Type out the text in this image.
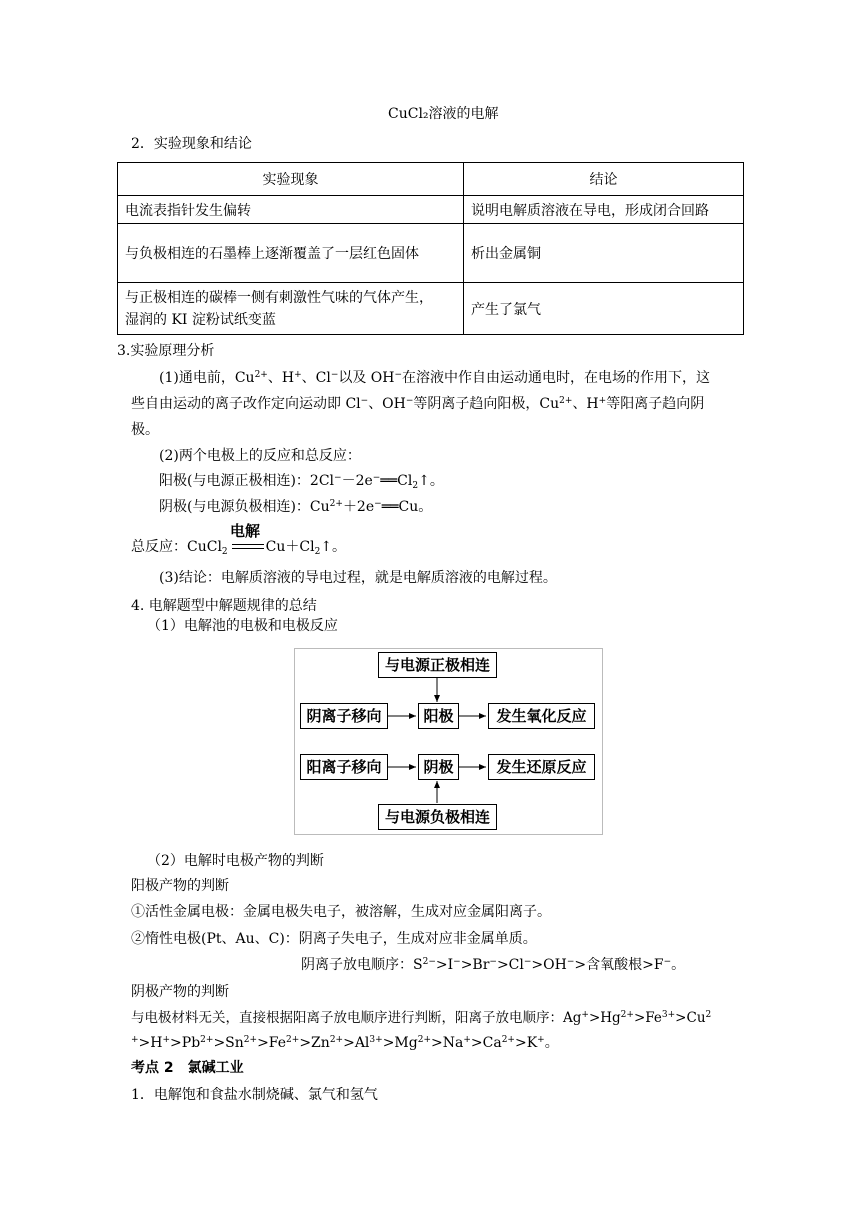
CuCl₂溶液的电解
2．实验现象和结论
实验现象	结论
电流表指针发生偏转	说明电解质溶液在导电，形成闭合回路
与负极相连的石墨棒上逐渐覆盖了一层红色固体	析出金属铜
与正极相连的碳棒一侧有刺激性气味的气体产生，
湿润的 KI 淀粉试纸变蓝	产生了氯气
3.实验原理分析
(1)通电前，$Cu^{2+}$、H+、Cl−以及 OH−在溶液中作自由运动通电时，在电场的作用下，这
些自由运动的离子改作定向运动即 Cl−、OH−等阴离子趋向阳极，$Cu^{2+}$、H+等阳离子趋向阴
极。
(2)两个电极上的反应和总反应：
阳极(与电源正极相连)：$2Cl^--2e^-══Cl_2↑$。
阴极(与电源负极相连)：$Cu^{2+}+2e^-══Cu$。
总反应：CuCl$_2$	$Cu+Cl_2↑$。
电解
(3)结论：电解质溶液的导电过程，就是电解质溶液的电解过程。
4. 电解题型中解题规律的总结
（1）电解池的电极和电极反应
与电源正极相连
阴离子移向	阳极	发生氧化反应
阳离子移向	阴极	发生还原反应
与电源负极相连
（2）电解时电极产物的判断
阳极产物的判断
①活性金属电极：金属电极失电子，被溶解，生成对应金属阳离子。
②惰性电极(Pt、Au、C)：阴离子失电子，生成对应非金属单质。
阴离子放电顺序：$S^{2-}>I^->Br^->Cl^->OH^->$含氧酸根>F−。
阴极产物的判断
与电极材料无关，直接根据阳离子放电顺序进行判断，阳离子放电顺序：$Ag^+>Hg^{2+}>Fe^{3+}>Cu^2$
$^+>H^+>Pb^{2+}>Sn^{2+}>Fe^{2+}>Zn^{2+}>Al^{3+}>Mg^{2+}>Na^+>Ca^{2+}>K^+$。
考点 2　氯碱工业
1．电解饱和食盐水制烧碱、氯气和氢气
